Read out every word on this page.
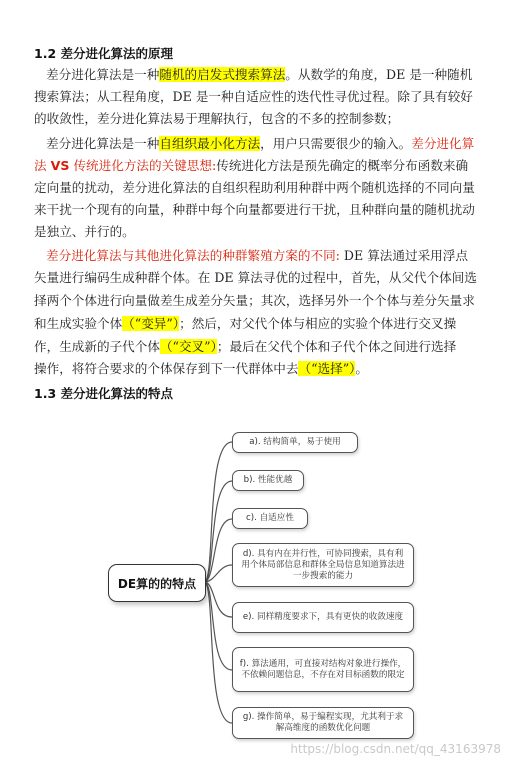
1.2 差分进化算法的原理
差分进化算法是一种随机的启发式搜索算法。从数学的角度，DE 是一种随机
搜索算法；从工程角度，DE 是一种自适应性的迭代性寻优过程。除了具有较好
的收敛性，差分进化算法易于理解执行，包含的不多的控制参数；
差分进化算法是一种自组织最小化方法，用户只需要很少的输入。差分进化算
法 VS 传统进化方法的关键思想:传统进化方法是预先确定的概率分布函数来确
定向量的扰动，差分进化算法的自组织程助利用种群中两个随机选择的不同向量
来干扰一个现有的向量，种群中每个向量都要进行干扰，且种群向量的随机扰动
是独立、并行的。
差分进化算法与其他进化算法的种群繁殖方案的不同: DE 算法通过采用浮点
矢量进行编码生成种群个体。在 DE 算法寻优的过程中，首先，从父代个体间选
择两个个体进行向量做差生成差分矢量；其次，选择另外一个个体与差分矢量求
和生成实验个体（“变异”）；然后，对父代个体与相应的实验个体进行交叉操
作，生成新的子代个体（“交叉”）；最后在父代个体和子代个体之间进行选择
操作，将符合要求的个体保存到下一代群体中去（“选择”）。
1.3 差分进化算法的特点
DE算的的特点
a). 结构简单，易于使用
b). 性能优越
c). 自适应性
d). 具有内在并行性，可协同搜索，具有利用个体局部信息和群体全局信息知道算法进一步搜索的能力
e). 同样精度要求下，具有更快的收敛速度
f). 算法通用，可直接对结构对象进行操作，不依赖问题信息，不存在对目标函数的限定
g). 操作简单，易于编程实现，尤其利于求解高维度的函数优化问题
https://blog.csdn.net/qq_43163978
